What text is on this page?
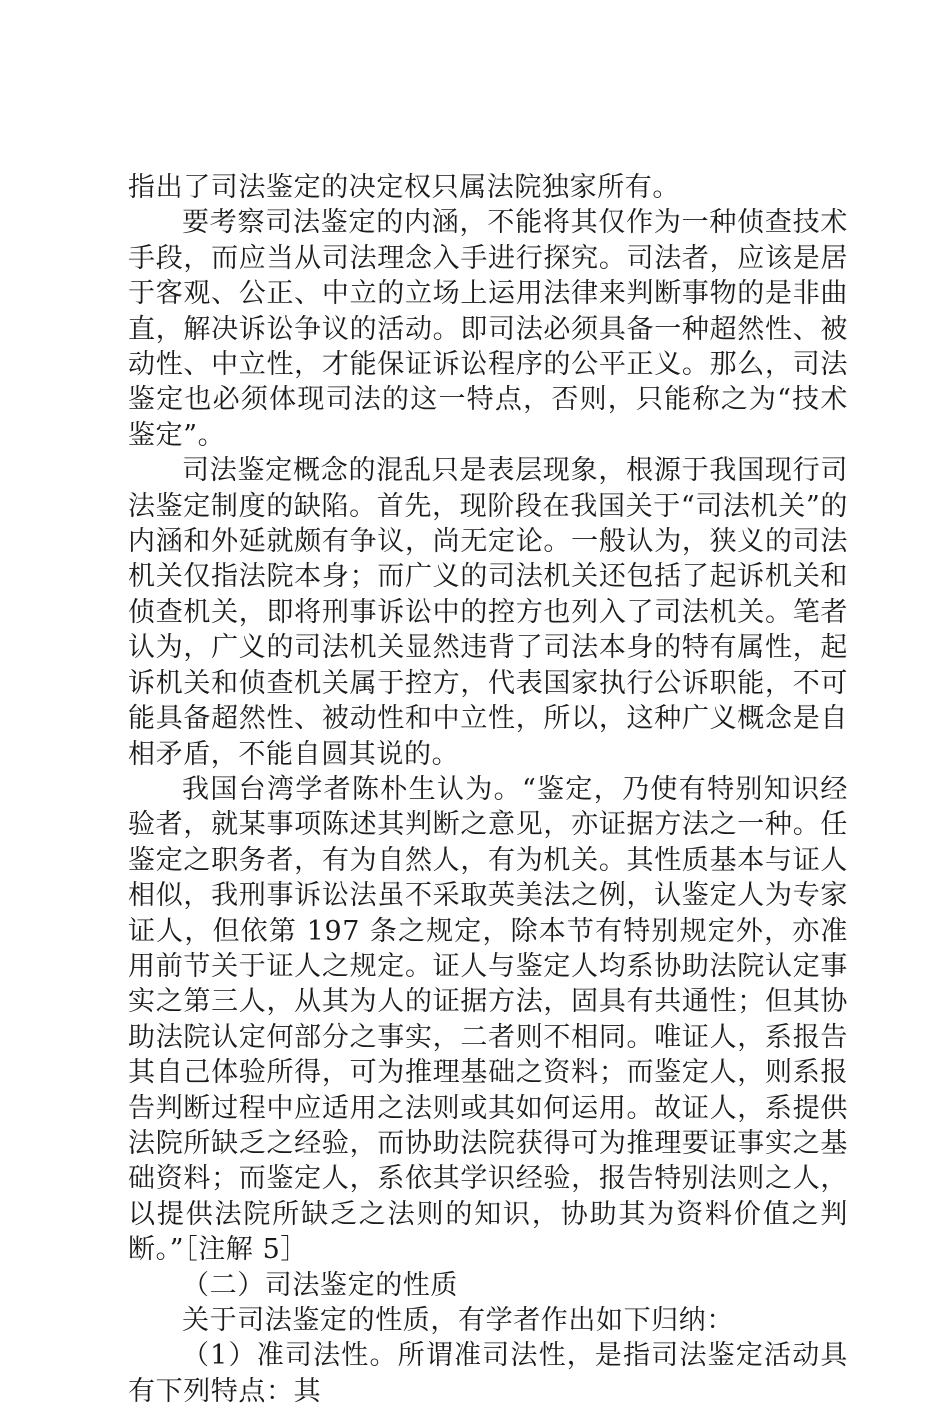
指出了司法鉴定的决定权只属法院独家所有。

要考察司法鉴定的内涵，不能将其仅作为一种侦查技术手段，而应当从司法理念入手进行探究。司法者，应该是居于客观、公正、中立的立场上运用法律来判断事物的是非曲直，解决诉讼争议的活动。即司法必须具备一种超然性、被动性、中立性，才能保证诉讼程序的公平正义。那么，司法鉴定也必须体现司法的这一特点，否则，只能称之为“技术鉴定”。

司法鉴定概念的混乱只是表层现象，根源于我国现行司法鉴定制度的缺陷。首先，现阶段在我国关于“司法机关”的内涵和外延就颇有争议，尚无定论。一般认为，狭义的司法机关仅指法院本身；而广义的司法机关还包括了起诉机关和侦查机关，即将刑事诉讼中的控方也列入了司法机关。笔者认为，广义的司法机关显然违背了司法本身的特有属性，起诉机关和侦查机关属于控方，代表国家执行公诉职能，不可能具备超然性、被动性和中立性，所以，这种广义概念是自相矛盾，不能自圆其说的。

我国台湾学者陈朴生认为。“鉴定，乃使有特别知识经验者，就某事项陈述其判断之意见，亦证据方法之一种。任鉴定之职务者，有为自然人，有为机关。其性质基本与证人相似，我刑事诉讼法虽不采取英美法之例，认鉴定人为专家证人，但依第 197 条之规定，除本节有特别规定外，亦准用前节关于证人之规定。证人与鉴定人均系协助法院认定事实之第三人，从其为人的证据方法，固具有共通性；但其协助法院认定何部分之事实，二者则不相同。唯证人，系报告其自己体验所得，可为推理基础之资料；而鉴定人，则系报告判断过程中应适用之法则或其如何运用。故证人，系提供法院所缺乏之经验，而协助法院获得可为推理要证事实之基础资料；而鉴定人，系依其学识经验，报告特别法则之人，以提供法院所缺乏之法则的知识，协助其为资料价值之判断。”［注解 5］

（二）司法鉴定的性质

关于司法鉴定的性质，有学者作出如下归纳：

（1）准司法性。所谓准司法性，是指司法鉴定活动具有下列特点：其
